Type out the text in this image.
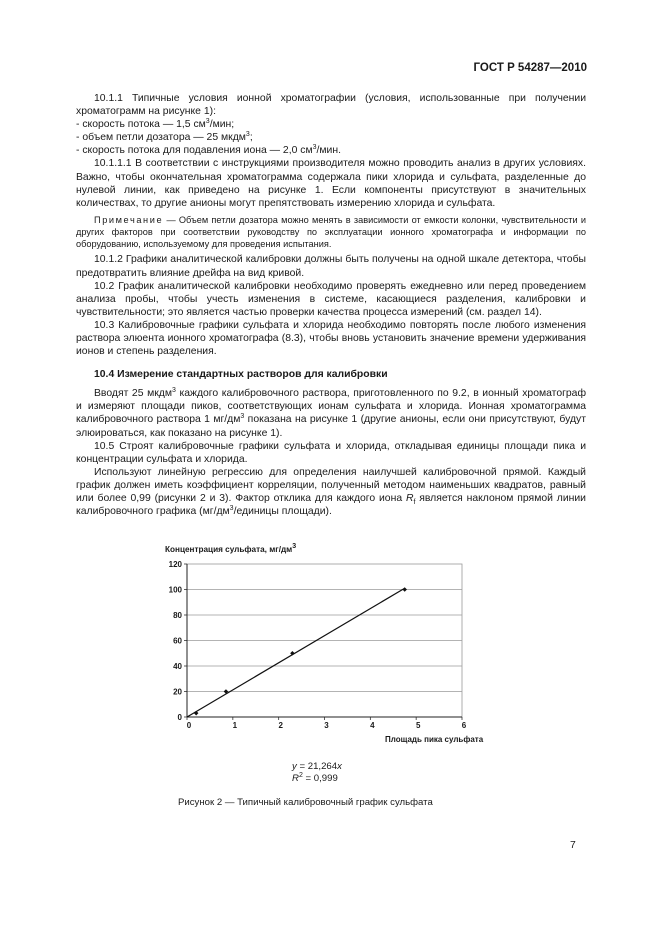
ГОСТ Р 54287—2010

10.1.1 Типичные условия ионной хроматографии (условия, использованные при получении хроматограмм на рисунке 1):

- скорость потока — 1,5 $см^3$/мин;

- объем петли дозатора — 25 мкдм$^3$;

- скорость потока для подавления иона — 2,0 $см^3$/мин.

10.1.1.1 В соответствии с инструкциями производителя можно проводить анализ в других условиях. Важно, чтобы окончательная хроматограмма содержала пики хлорида и сульфата, разделенные до нулевой линии, как приведено на рисунке 1. Если компоненты присутствуют в значительных количествах, то другие анионы могут препятствовать измерению хлорида и сульфата.

Примечание — Объем петли дозатора можно менять в зависимости от емкости колонки, чувствительности и других факторов при соответствии руководству по эксплуатации ионного хроматографа и информации по оборудованию, используемому для проведения испытания.

10.1.2 Графики аналитической калибровки должны быть получены на одной шкале детектора, чтобы предотвратить влияние дрейфа на вид кривой.

10.2 График аналитической калибровки необходимо проверять ежедневно или перед проведением анализа пробы, чтобы учесть изменения в системе, касающиеся разделения, калибровки и чувствительности; это является частью проверки качества процесса измерений (см. раздел 14).

10.3 Калибровочные графики сульфата и хлорида необходимо повторять после любого изменения раствора элюента ионного хроматографа (8.3), чтобы вновь установить значение времени удерживания ионов и степень разделения.

10.4 Измерение стандартных растворов для калибровки

Вводят 25 мкдм$^3$ каждого калибровочного раствора, приготовленного по 9.2, в ионный хроматограф и измеряют площади пиков, соответствующих ионам сульфата и хлорида. Ионная хроматограмма калибровочного раствора 1 $мг/дм^3$ показана на рисунке 1 (другие анионы, если они присутствуют, будут элюироваться, как показано на рисунке 1).

10.5 Строят калибровочные графики сульфата и хлорида, откладывая единицы площади пика и концентрации сульфата и хлорида.

Используют линейную регрессию для определения наилучшей калибровочной прямой. Каждый график должен иметь коэффициент корреляции, полученный методом наименьших квадратов, равный или более 0,99 (рисунки 2 и 3). Фактор отклика для каждого иона $R_f$ является наклоном прямой линии калибровочного графика ($мг/дм^3$/единицы площади).

Концентрация сульфата, $мг/дм^3$
0
20
40
60
80
100
120
0	1	2	3	4	5	6
Площадь пика сульфата
y = 21,264x
$R^2 = 0,999$
Рисунок 2 — Типичный калибровочный график сульфата
7
